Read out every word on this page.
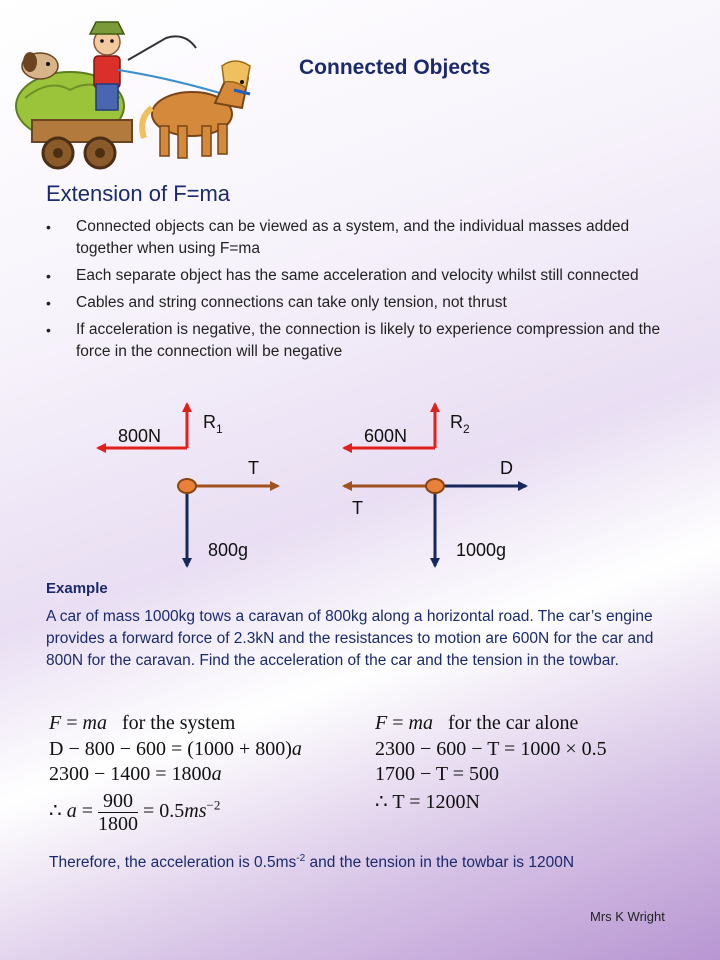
Connected Objects
Extension of F=ma
• Connected objects can be viewed as a system, and the individual masses added together when using F=ma
• Each separate object has the same acceleration and velocity whilst still connected
• Cables and string connections can take only tension, not thrust
• If acceleration is negative, the connection is likely to experience compression and the force in the connection will be negative
$R_1$
800N
T
800g
$R_2$
600N
T
D
1000g
Example
A car of mass 1000kg tows a caravan of 800kg along a horizontal road. The car’s engine provides a forward force of 2.3kN and the resistances to motion are 600N for the car and 800N for the caravan. Find the acceleration of the car and the tension in the towbar.
F = ma for the system
D − 800 − 600 = (1000 + 800)a
2300 − 1400 = 1800a
∴ $a = \frac{900}{1800} = 0.5ms^{-2}$
F = ma for the car alone
2300 − 600 − T = 1000 × 0.5
1700 − T = 500
∴ T = 1200N
Therefore, the acceleration is $0.5ms^{-2}$ and the tension in the towbar is 1200N
Mrs K Wright
